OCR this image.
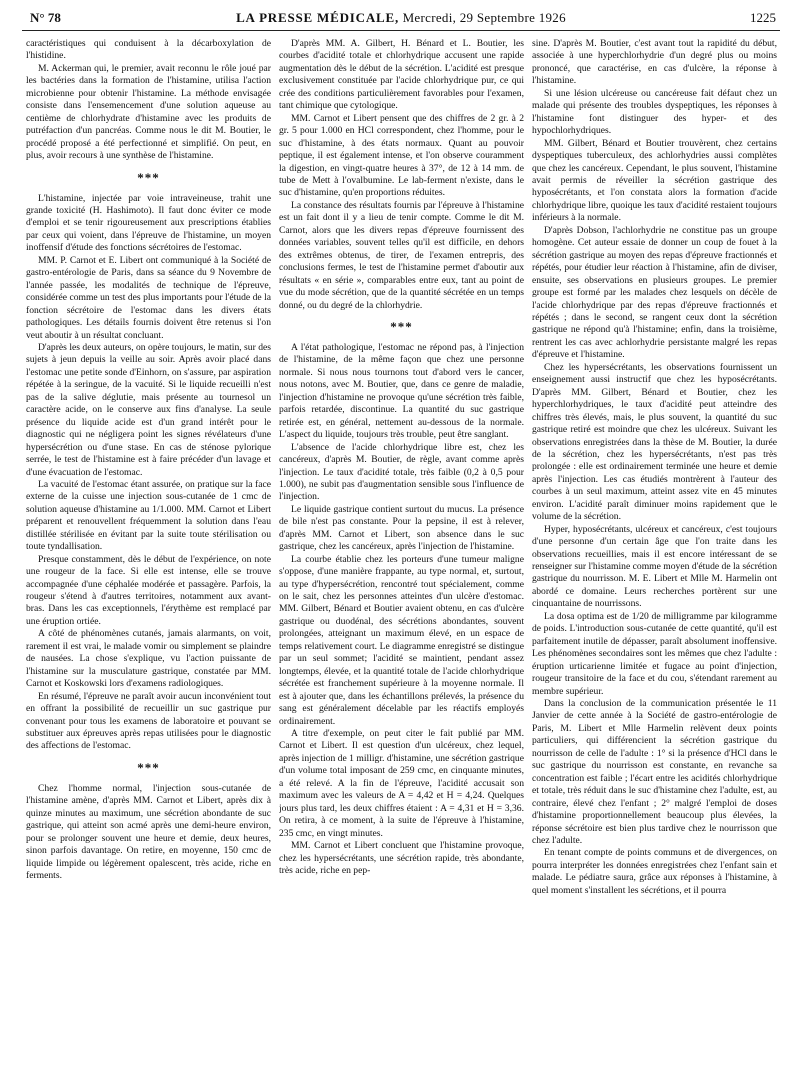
N° 78	LA PRESSE MÉDICALE, Mercredi, 29 Septembre 1926	1225

caractéristiques qui conduisent à la décarboxylation de l'histidine.

M. Ackerman qui, le premier, avait reconnu le rôle joué par les bactéries dans la formation de l'histamine, utilisa l'action microbienne pour obtenir l'histamine. La méthode envisagée consiste dans l'ensemencement d'une solution aqueuse au centième de chlorhydrate d'histamine avec les produits de putréfaction d'un pancréas. Comme nous le dit M. Boutier, le procédé proposé a été perfectionné et simplifié. On peut, en plus, avoir recours à une synthèse de l'histamine.

***

L'histamine, injectée par voie intraveineuse, trahit une grande toxicité (H. Hashimoto). Il faut donc éviter ce mode d'emploi et se tenir rigoureusement aux prescriptions établies par ceux qui voient, dans l'épreuve de l'histamine, un moyen inoffensif d'étude des fonctions sécrétoires de l'estomac.

MM. P. Carnot et E. Libert ont communiqué à la Société de gastro-entérologie de Paris, dans sa séance du 9 Novembre de l'année passée, les modalités de technique de l'épreuve, considérée comme un test des plus importants pour l'étude de la fonction sécrétoire de l'estomac dans les divers états pathologiques. Les détails fournis doivent être retenus si l'on veut aboutir à un résultat concluant.

D'après les deux auteurs, on opère toujours, le matin, sur des sujets à jeun depuis la veille au soir. Après avoir placé dans l'estomac une petite sonde d'Einhorn, on s'assure, par aspiration répétée à la seringue, de la vacuité. Si le liquide recueilli n'est pas de la salive déglutie, mais présente au tournesol un caractère acide, on le conserve aux fins d'analyse. La seule présence du liquide acide est d'un grand intérêt pour le diagnostic qui ne négligera point les signes révélateurs d'une hypersécrétion ou d'une stase. En cas de sténose pylorique serrée, le test de l'histamine est à faire précéder d'un lavage et d'une évacuation de l'estomac.

La vacuité de l'estomac étant assurée, on pratique sur la face externe de la cuisse une injection sous-cutanée de 1 cmc de solution aqueuse d'histamine au 1/1.000. MM. Carnot et Libert préparent et renouvellent fréquemment la solution dans l'eau distillée stérilisée en évitant par la suite toute stérilisation ou toute tyndallisation.

Presque constamment, dès le début de l'expérience, on note une rougeur de la face. Si elle est intense, elle se trouve accompagnée d'une céphalée modérée et passagère. Parfois, la rougeur s'étend à d'autres territoires, notamment aux avant-bras. Dans les cas exceptionnels, l'érythème est remplacé par une éruption ortiée.

A côté de phénomènes cutanés, jamais alarmants, on voit, rarement il est vrai, le malade vomir ou simplement se plaindre de nausées. La chose s'explique, vu l'action puissante de l'histamine sur la musculature gastrique, constatée par MM. Carnot et Koskowski lors d'examens radiologiques.

En résumé, l'épreuve ne paraît avoir aucun inconvénient tout en offrant la possibilité de recueillir un suc gastrique pur convenant pour tous les examens de laboratoire et pouvant se substituer aux épreuves après repas utilisées pour le diagnostic des affections de l'estomac.

***

Chez l'homme normal, l'injection sous-cutanée de l'histamine amène, d'après MM. Carnot et Libert, après dix à quinze minutes au maximum, une sécrétion abondante de suc gastrique, qui atteint son acmé après une demi-heure environ, pour se prolonger souvent une heure et demie, deux heures, sinon parfois davantage. On retire, en moyenne, 150 cmc de liquide limpide ou légèrement opalescent, très acide, riche en ferments.

D'après MM. A. Gilbert, H. Bénard et L. Boutier, les courbes d'acidité totale et chlorhydrique accusent une rapide augmentation dès le début de la sécrétion. L'acidité est presque exclusivement constituée par l'acide chlorhydrique pur, ce qui crée des conditions particulièrement favorables pour l'examen, tant chimique que cytologique.

MM. Carnot et Libert pensent que des chiffres de 2 gr. à 2 gr. 5 pour 1.000 en HCl correspondent, chez l'homme, pour le suc d'histamine, à des états normaux. Quant au pouvoir peptique, il est également intense, et l'on observe couramment la digestion, en vingt-quatre heures à 37°, de 12 à 14 mm. de tube de Mett à l'ovalbumine. Le lab-ferment n'existe, dans le suc d'histamine, qu'en proportions réduites.

La constance des résultats fournis par l'épreuve à l'histamine est un fait dont il y a lieu de tenir compte. Comme le dit M. Carnot, alors que les divers repas d'épreuve fournissent des données variables, souvent telles qu'il est difficile, en dehors des extrêmes obtenus, de tirer, de l'examen entrepris, des conclusions fermes, le test de l'histamine permet d'aboutir aux résultats « en série », comparables entre eux, tant au point de vue du mode sécrétion, que de la quantité sécrétée en un temps donné, ou du degré de la chlorhydrie.

***

A l'état pathologique, l'estomac ne répond pas, à l'injection de l'histamine, de la même façon que chez une personne normale. Si nous nous tournons tout d'abord vers le cancer, nous notons, avec M. Boutier, que, dans ce genre de maladie, l'injection d'histamine ne provoque qu'une sécrétion très faible, parfois retardée, discontinue. La quantité du suc gastrique retirée est, en général, nettement au-dessous de la normale. L'aspect du liquide, toujours très trouble, peut être sanglant.

L'absence de l'acide chlorhydrique libre est, chez les cancéreux, d'après M. Boutier, de règle, avant comme après l'injection. Le taux d'acidité totale, très faible (0,2 à 0,5 pour 1.000), ne subit pas d'augmentation sensible sous l'influence de l'injection.

Le liquide gastrique contient surtout du mucus. La présence de bile n'est pas constante. Pour la pepsine, il est à relever, d'après MM. Carnot et Libert, son absence dans le suc gastrique, chez les cancéreux, après l'injection de l'histamine.

La courbe établie chez les porteurs d'une tumeur maligne s'oppose, d'une manière frappante, au type normal, et, surtout, au type d'hypersécrétion, rencontré tout spécialement, comme on le sait, chez les personnes atteintes d'un ulcère d'estomac. MM. Gilbert, Bénard et Boutier avaient obtenu, en cas d'ulcère gastrique ou duodénal, des sécrétions abondantes, souvent prolongées, atteignant un maximum élevé, en un espace de temps relativement court. Le diagramme enregistré se distingue par un seul sommet; l'acidité se maintient, pendant assez longtemps, élevée, et la quantité totale de l'acide chlorhydrique sécrétée est franchement supérieure à la moyenne normale. Il est à ajouter que, dans les échantillons prélevés, la présence du sang est généralement décelable par les réactifs employés ordinairement.

A titre d'exemple, on peut citer le fait publié par MM. Carnot et Libert. Il est question d'un ulcéreux, chez lequel, après injection de 1 milligr. d'histamine, une sécrétion gastrique d'un volume total imposant de 259 cmc, en cinquante minutes, a été relevé. A la fin de l'épreuve, l'acidité accusait son maximum avec les valeurs de A = 4,42 et H = 4,24. Quelques jours plus tard, les deux chiffres étaient : A = 4,31 et H = 3,36. On retira, à ce moment, à la suite de l'épreuve à l'histamine, 235 cmc, en vingt minutes.

MM. Carnot et Libert concluent que l'histamine provoque, chez les hypersécrétants, une sécrétion rapide, très abondante, très acide, riche en pep-

sine. D'après M. Boutier, c'est avant tout la rapidité du début, associée à une hyperchlorhydrie d'un degré plus ou moins prononcé, que caractérise, en cas d'ulcère, la réponse à l'histamine.

Si une lésion ulcéreuse ou cancéreuse fait défaut chez un malade qui présente des troubles dyspeptiques, les réponses à l'histamine font distinguer des hyper- et des hypochlorhydriques.

MM. Gilbert, Bénard et Boutier trouvèrent, chez certains dyspeptiques tuberculeux, des achlorhydries aussi complètes que chez les cancéreux. Cependant, le plus souvent, l'histamine avait permis de réveiller la sécrétion gastrique des hyposécrétants, et l'on constata alors la formation d'acide chlorhydrique libre, quoique les taux d'acidité restaient toujours inférieurs à la normale.

D'après Dobson, l'achlorhydrie ne constitue pas un groupe homogène. Cet auteur essaie de donner un coup de fouet à la sécrétion gastrique au moyen des repas d'épreuve fractionnés et répétés, pour étudier leur réaction à l'histamine, afin de diviser, ensuite, ses observations en plusieurs groupes. Le premier groupe est formé par les malades chez lesquels on décèle de l'acide chlorhydrique par des repas d'épreuve fractionnés et répétés ; dans le second, se rangent ceux dont la sécrétion gastrique ne répond qu'à l'histamine; enfin, dans la troisième, rentrent les cas avec achlorhydrie persistante malgré les repas d'épreuve et l'histamine.

Chez les hypersécrétants, les observations fournissent un enseignement aussi instructif que chez les hyposécrétants. D'après MM. Gilbert, Bénard et Boutier, chez les hyperchlorhydriques, le taux d'acidité peut atteindre des chiffres très élevés, mais, le plus souvent, la quantité du suc gastrique retiré est moindre que chez les ulcéreux. Suivant les observations enregistrées dans la thèse de M. Boutier, la durée de la sécrétion, chez les hypersécrétants, n'est pas très prolongée : elle est ordinairement terminée une heure et demie après l'injection. Les cas étudiés montrèrent à l'auteur des courbes à un seul maximum, atteint assez vite en 45 minutes environ. L'acidité paraît diminuer moins rapidement que le volume de la sécrétion.

Hyper, hyposécrétants, ulcéreux et cancéreux, c'est toujours d'une personne d'un certain âge que l'on traite dans les observations recueillies, mais il est encore intéressant de se renseigner sur l'histamine comme moyen d'étude de la sécrétion gastrique du nourrisson. M. E. Libert et Mlle M. Harmelin ont abordé ce domaine. Leurs recherches portèrent sur une cinquantaine de nourrissons.

La dosa optima est de 1/20 de milligramme par kilogramme de poids. L'introduction sous-cutanée de cette quantité, qu'il est parfaitement inutile de dépasser, paraît absolument inoffensive. Les phénomènes secondaires sont les mêmes que chez l'adulte : éruption urticarienne limitée et fugace au point d'injection, rougeur transitoire de la face et du cou, s'étendant rarement au membre supérieur.

Dans la conclusion de la communication présentée le 11 Janvier de cette année à la Société de gastro-entérologie de Paris, M. Libert et Mlle Harmelin relèvent deux points particuliers, qui différencient la sécrétion gastrique du nourrisson de celle de l'adulte : 1° si la présence d'HCl dans le suc gastrique du nourrisson est constante, en revanche sa concentration est faible ; l'écart entre les acidités chlorhydrique et totale, très réduit dans le suc d'histamine chez l'adulte, est, au contraire, élevé chez l'enfant ; 2° malgré l'emploi de doses d'histamine proportionnellement beaucoup plus élevées, la réponse sécrétoire est bien plus tardive chez le nourrisson que chez l'adulte.

En tenant compte de points communs et de divergences, on pourra interpréter les données enregistrées chez l'enfant sain et malade. Le pédiatre saura, grâce aux réponses à l'histamine, à quel moment s'installent les sécrétions, et il pourra
